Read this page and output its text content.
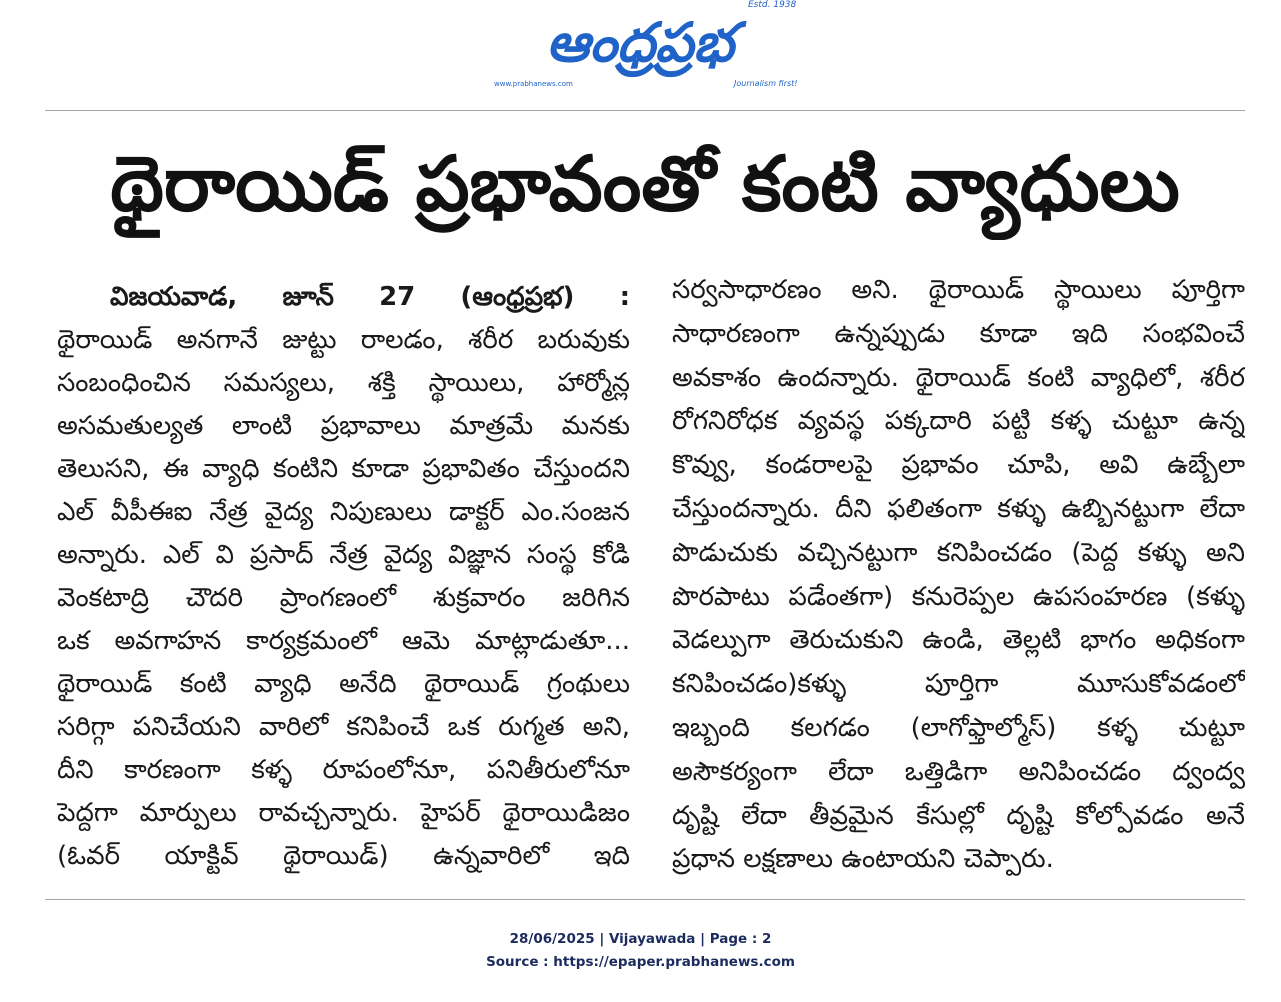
ఆంధ్రప్రభ
Estd. 1938
www.prabhanews.com	Journalism first!
థైరాయిడ్ ప్రభావంతో కంటి వ్యాధులు
విజయవాడ, జూన్ 27 (ఆంధ్రప్రభ) :
థైరాయిడ్ అనగానే జుట్టు రాలడం, శరీర బరువుకు
సంబంధించిన సమస్యలు, శక్తి స్థాయిలు, హార్మోన్ల
అసమతుల్యత లాంటి ప్రభావాలు మాత్రమే మనకు
తెలుసని, ఈ వ్యాధి కంటిని కూడా ప్రభావితం చేస్తుందని
ఎల్ వీపీఈఐ నేత్ర వైద్య నిపుణులు డాక్టర్ ఎం.సంజన
అన్నారు. ఎల్ వి ప్రసాద్ నేత్ర వైద్య విజ్ఞాన సంస్థ కోడి
వెంకటాద్రి చౌదరి ప్రాంగణంలో శుక్రవారం జరిగిన
ఒక అవగాహన కార్యక్రమంలో ఆమె మాట్లాడుతూ...
థైరాయిడ్ కంటి వ్యాధి అనేది థైరాయిడ్ గ్రంథులు
సరిగ్గా పనిచేయని వారిలో కనిపించే ఒక రుగ్మత అని,
దీని కారణంగా కళ్ళ రూపంలోనూ, పనితీరులోనూ
పెద్దగా మార్పులు రావచ్చన్నారు. హైపర్ థైరాయిడిజం
(ఓవర్ యాక్టివ్ థైరాయిడ్) ఉన్నవారిలో ఇది
సర్వసాధారణం అని. థైరాయిడ్ స్థాయిలు పూర్తిగా
సాధారణంగా ఉన్నప్పుడు కూడా ఇది సంభవించే
అవకాశం ఉందన్నారు. థైరాయిడ్ కంటి వ్యాధిలో, శరీర
రోగనిరోధక వ్యవస్థ పక్కదారి పట్టి కళ్ళ చుట్టూ ఉన్న
కొవ్వు, కండరాలపై ప్రభావం చూపి, అవి ఉబ్బేలా
చేస్తుందన్నారు. దీని ఫలితంగా కళ్ళు ఉబ్బినట్టుగా లేదా
పొడుచుకు వచ్చినట్టుగా కనిపించడం (పెద్ద కళ్ళు అని
పొరపాటు పడేంతగా) కనురెప్పల ఉపసంహరణ (కళ్ళు
వెడల్పుగా తెరుచుకుని ఉండి, తెల్లటి భాగం అధికంగా
కనిపించడం)కళ్ళు పూర్తిగా మూసుకోవడంలో
ఇబ్బంది కలగడం (లాగోఫ్తాల్మోస్) కళ్ళ చుట్టూ
అసౌకర్యంగా లేదా ఒత్తిడిగా అనిపించడం ద్వంద్వ
దృష్టి లేదా తీవ్రమైన కేసుల్లో దృష్టి కోల్పోవడం అనే
ప్రధాన లక్షణాలు ఉంటాయని చెప్పారు.
28/06/2025 | Vijayawada | Page : 2
Source : https://epaper.prabhanews.com
